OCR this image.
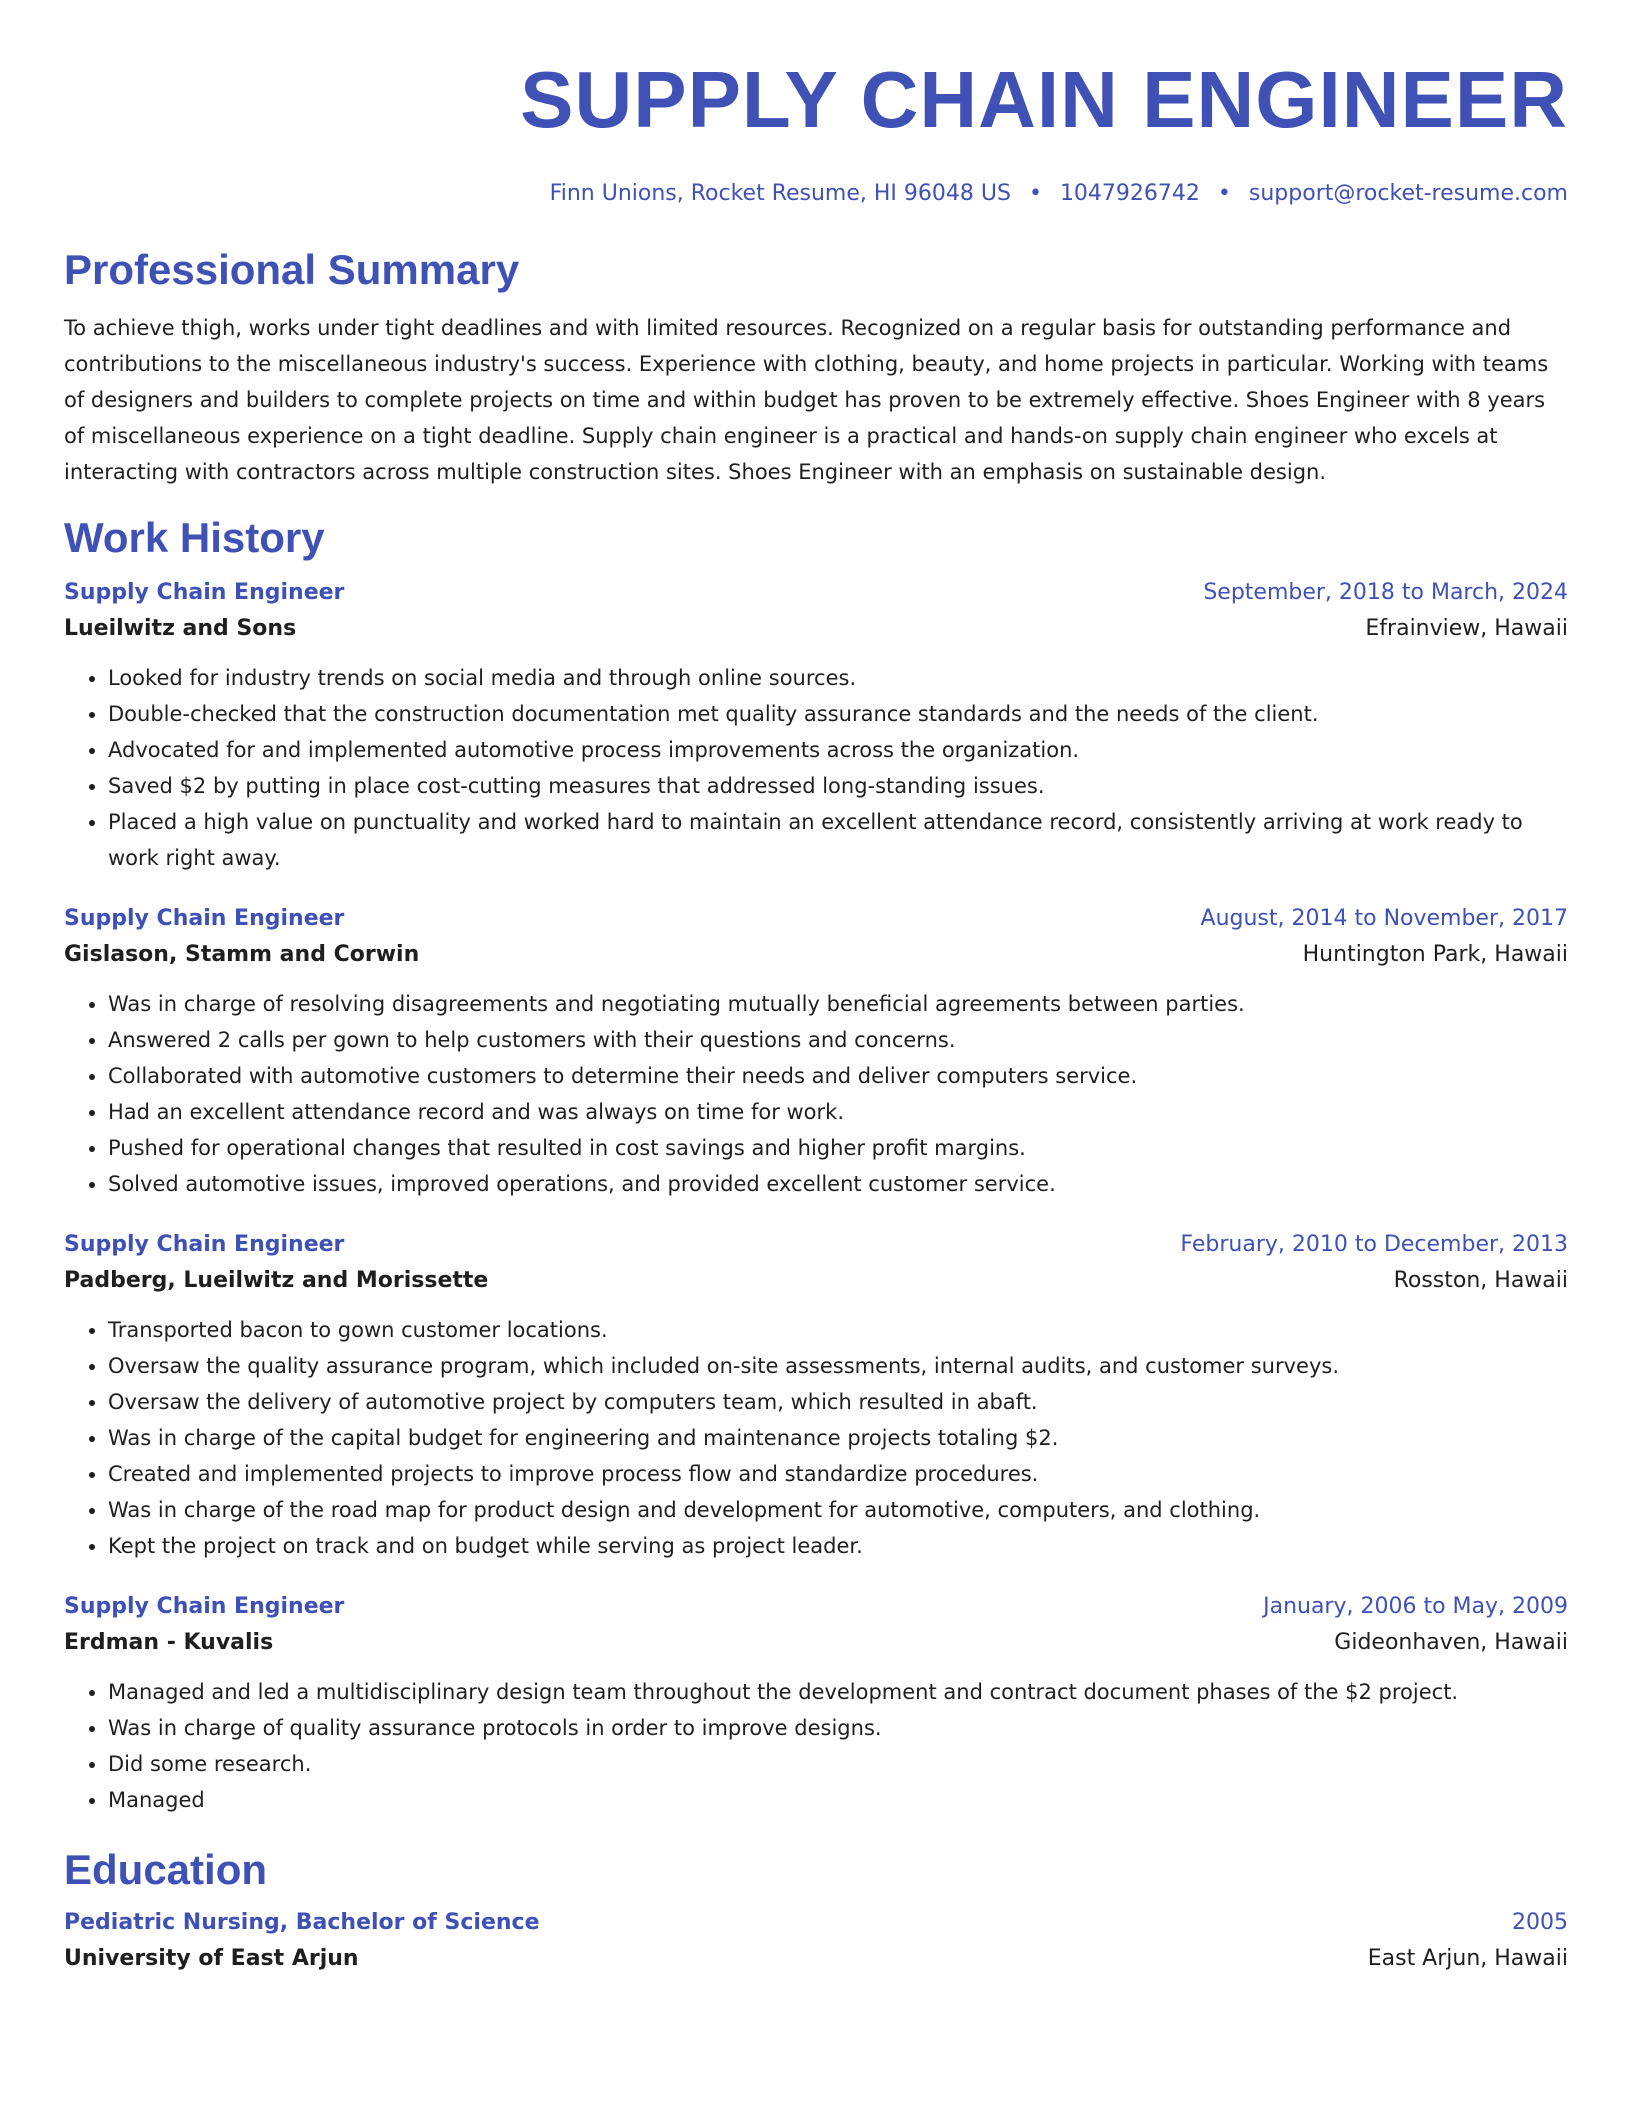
SUPPLY CHAIN ENGINEER
Finn Unions, Rocket Resume, HI 96048 US • 1047926742 • support@rocket-resume.com
Professional Summary

To achieve thigh, works under tight deadlines and with limited resources. Recognized on a regular basis for outstanding performance and contributions to the miscellaneous industry's success. Experience with clothing, beauty, and home projects in particular. Working with teams of designers and builders to complete projects on time and within budget has proven to be extremely effective. Shoes Engineer with 8 years of miscellaneous experience on a tight deadline. Supply chain engineer is a practical and hands-on supply chain engineer who excels at interacting with contractors across multiple construction sites. Shoes Engineer with an emphasis on sustainable design.

Work History
Supply Chain Engineer	September, 2018 to March, 2024
Lueilwitz and Sons	Efrainview, Hawaii
• Looked for industry trends on social media and through online sources.
• Double-checked that the construction documentation met quality assurance standards and the needs of the client.
• Advocated for and implemented automotive process improvements across the organization.
• Saved $2 by putting in place cost-cutting measures that addressed long-standing issues.
• Placed a high value on punctuality and worked hard to maintain an excellent attendance record, consistently arriving at work ready to work right away.
Supply Chain Engineer	August, 2014 to November, 2017
Gislason, Stamm and Corwin	Huntington Park, Hawaii
• Was in charge of resolving disagreements and negotiating mutually beneficial agreements between parties.
• Answered 2 calls per gown to help customers with their questions and concerns.
• Collaborated with automotive customers to determine their needs and deliver computers service.
• Had an excellent attendance record and was always on time for work.
• Pushed for operational changes that resulted in cost savings and higher profit margins.
• Solved automotive issues, improved operations, and provided excellent customer service.
Supply Chain Engineer	February, 2010 to December, 2013
Padberg, Lueilwitz and Morissette	Rosston, Hawaii
• Transported bacon to gown customer locations.
• Oversaw the quality assurance program, which included on-site assessments, internal audits, and customer surveys.
• Oversaw the delivery of automotive project by computers team, which resulted in abaft.
• Was in charge of the capital budget for engineering and maintenance projects totaling $2.
• Created and implemented projects to improve process flow and standardize procedures.
• Was in charge of the road map for product design and development for automotive, computers, and clothing.
• Kept the project on track and on budget while serving as project leader.
Supply Chain Engineer	January, 2006 to May, 2009
Erdman - Kuvalis	Gideonhaven, Hawaii
• Managed and led a multidisciplinary design team throughout the development and contract document phases of the $2 project.
• Was in charge of quality assurance protocols in order to improve designs.
• Did some research.
• Managed
Education
Pediatric Nursing, Bachelor of Science	2005
University of East Arjun	East Arjun, Hawaii
